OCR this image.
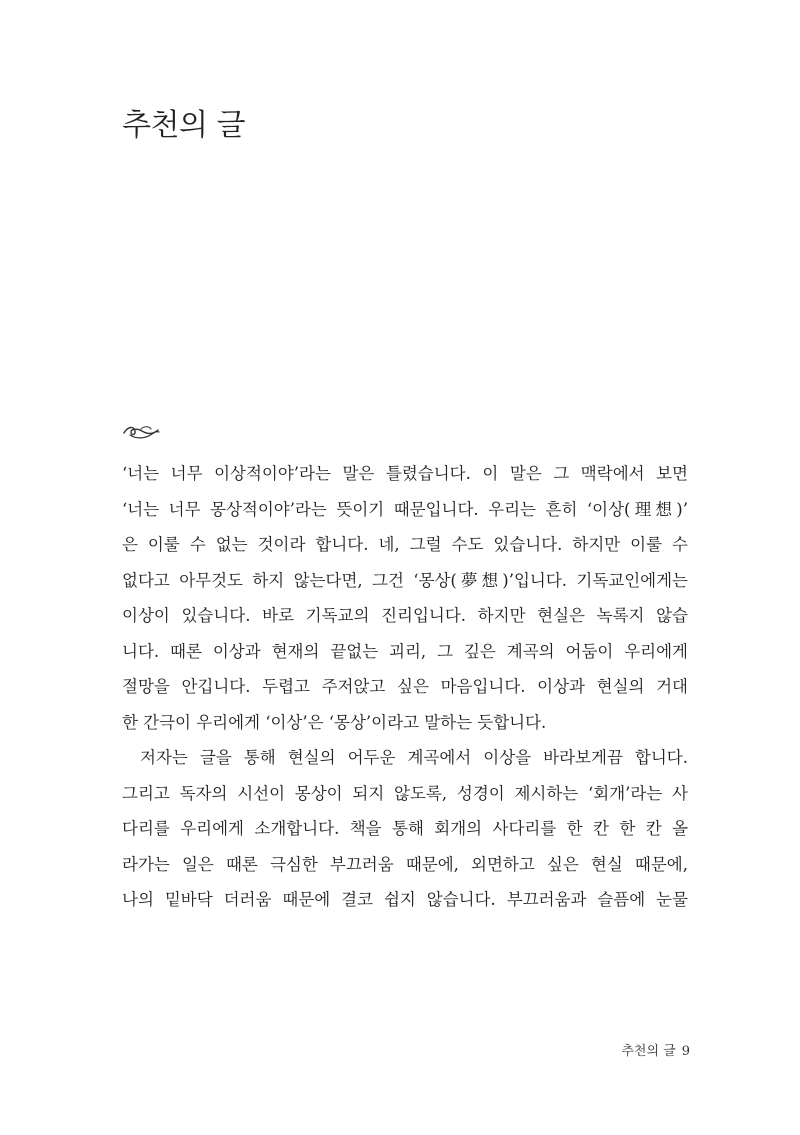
추천의 글
‘너는 너무 이상적이야’라는 말은 틀렸습니다. 이 말은 그 맥락에서 보면
‘너는 너무 몽상적이야’라는 뜻이기 때문입니다. 우리는 흔히 ‘이상(理想)’
은 이룰 수 없는 것이라 합니다. 네, 그럴 수도 있습니다. 하지만 이룰 수
없다고 아무것도 하지 않는다면, 그건 ‘몽상(夢想)’입니다. 기독교인에게는
이상이 있습니다. 바로 기독교의 진리입니다. 하지만 현실은 녹록지 않습
니다. 때론 이상과 현재의 끝없는 괴리, 그 깊은 계곡의 어둠이 우리에게
절망을 안깁니다. 두렵고 주저앉고 싶은 마음입니다. 이상과 현실의 거대
한 간극이 우리에게 ‘이상’은 ‘몽상’이라고 말하는 듯합니다.
저자는 글을 통해 현실의 어두운 계곡에서 이상을 바라보게끔 합니다.
그리고 독자의 시선이 몽상이 되지 않도록, 성경이 제시하는 ‘회개’라는 사
다리를 우리에게 소개합니다. 책을 통해 회개의 사다리를 한 칸 한 칸 올
라가는 일은 때론 극심한 부끄러움 때문에, 외면하고 싶은 현실 때문에,
나의 밑바닥 더러움 때문에 결코 쉽지 않습니다. 부끄러움과 슬픔에 눈물
추천의 글 9
